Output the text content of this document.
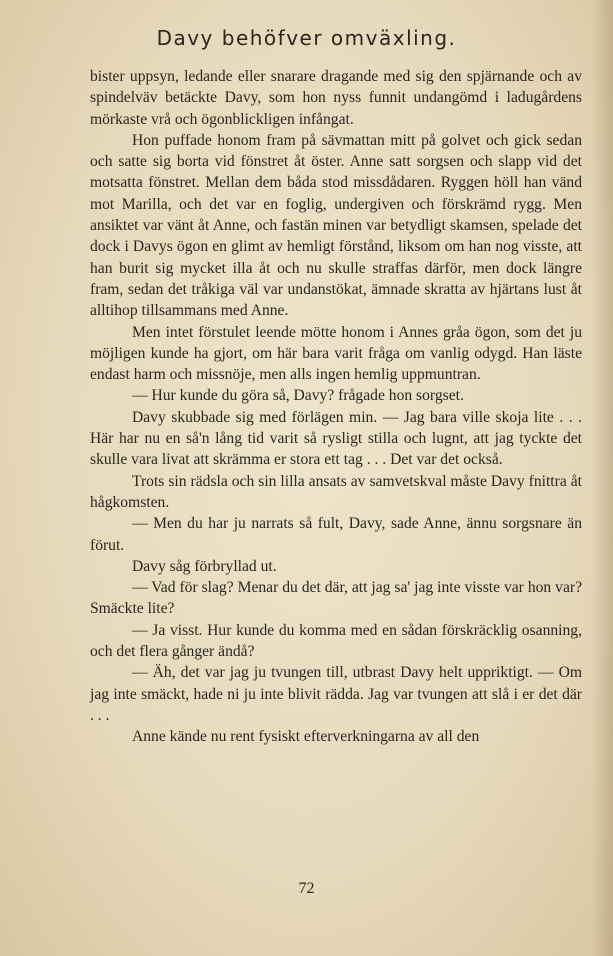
Davy behöfver omväxling.

bister uppsyn, ledande eller snarare dragande med sig den spjärnande och av spindelväv betäckte Davy, som hon nyss funnit undangömd i ladugårdens mörkaste vrå och ögonblickligen infångat.

Hon puffade honom fram på sävmattan mitt på golvet och gick sedan och satte sig borta vid fönstret åt öster. Anne satt sorgsen och slapp vid det motsatta fönstret. Mellan dem båda stod missdådaren. Ryggen höll han vänd mot Marilla, och det var en foglig, undergiven och förskrämd rygg. Men ansiktet var vänt åt Anne, och fastän minen var betydligt skamsen, spelade det dock i Davys ögon en glimt av hemligt förstånd, liksom om han nog visste, att han burit sig mycket illa åt och nu skulle straffas därför, men dock längre fram, sedan det tråkiga väl var undanstökat, ämnade skratta av hjärtans lust åt alltihop tillsammans med Anne.

Men intet förstulet leende mötte honom i Annes gråa ögon, som det ju möjligen kunde ha gjort, om här bara varit fråga om vanlig odygd. Han läste endast harm och missnöje, men alls ingen hemlig uppmuntran.

— Hur kunde du göra så, Davy? frågade hon sorgset.

Davy skubbade sig med förlägen min. — Jag bara ville skoja lite . . . Här har nu en så'n lång tid varit så rysligt stilla och lugnt, att jag tyckte det skulle vara livat att skrämma er stora ett tag . . . Det var det också.

Trots sin rädsla och sin lilla ansats av samvetskval måste Davy fnittra åt hågkomsten.

— Men du har ju narrats så fult, Davy, sade Anne, ännu sorgsnare än förut.

Davy såg förbryllad ut.

— Vad för slag? Menar du det där, att jag sa' jag inte visste var hon var? Smäckte lite?

— Ja visst. Hur kunde du komma med en sådan förskräcklig osanning, och det flera gånger ändå?

— Äh, det var jag ju tvungen till, utbrast Davy helt uppriktigt. — Om jag inte smäckt, hade ni ju inte blivit rädda. Jag var tvungen att slå i er det där . . .

Anne kände nu rent fysiskt efterverkningarna av all den

72
